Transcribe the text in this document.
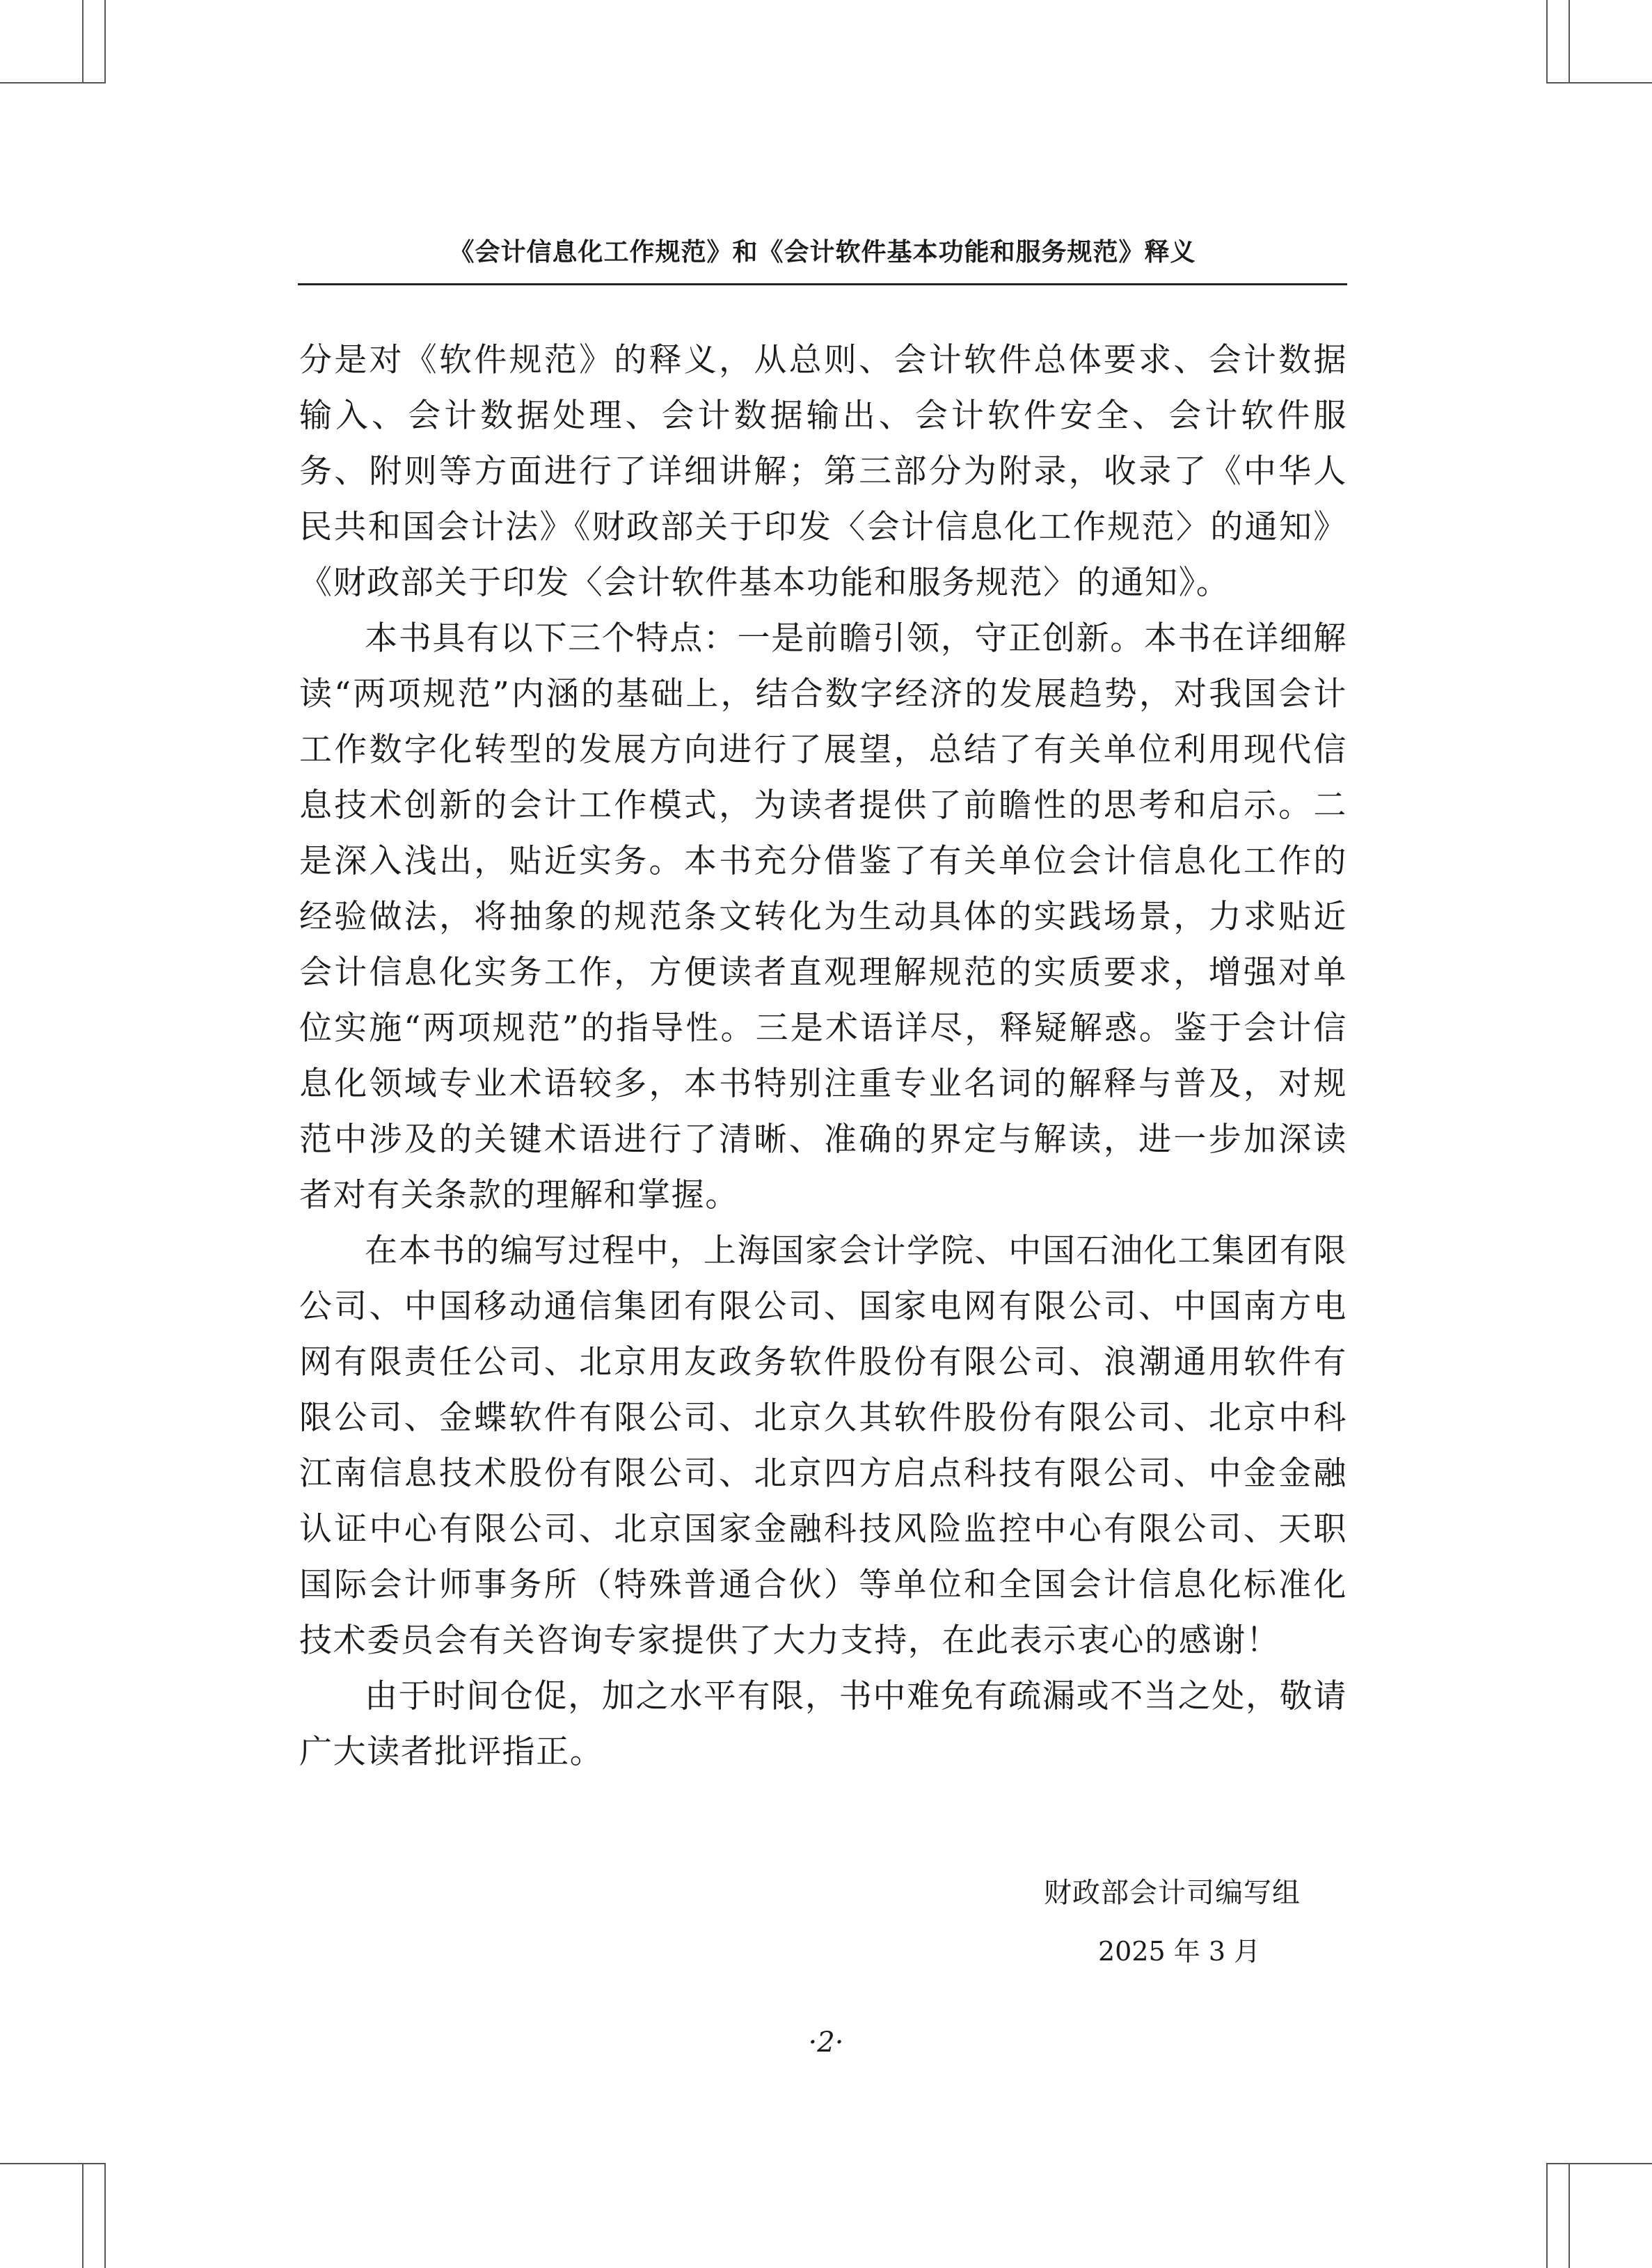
《会计信息化工作规范》和《会计软件基本功能和服务规范》释义

分是对《软件规范》的释义，从总则、会计软件总体要求、会计数据输入、会计数据处理、会计数据输出、会计软件安全、会计软件服务、附则等方面进行了详细讲解；第三部分为附录，收录了《中华人民共和国会计法》《财政部关于印发〈会计信息化工作规范〉的通知》《财政部关于印发〈会计软件基本功能和服务规范〉的通知》。

本书具有以下三个特点：一是前瞻引领，守正创新。本书在详细解读“两项规范”内涵的基础上，结合数字经济的发展趋势，对我国会计工作数字化转型的发展方向进行了展望，总结了有关单位利用现代信息技术创新的会计工作模式，为读者提供了前瞻性的思考和启示。二是深入浅出，贴近实务。本书充分借鉴了有关单位会计信息化工作的经验做法，将抽象的规范条文转化为生动具体的实践场景，力求贴近会计信息化实务工作，方便读者直观理解规范的实质要求，增强对单位实施“两项规范”的指导性。三是术语详尽，释疑解惑。鉴于会计信息化领域专业术语较多，本书特别注重专业名词的解释与普及，对规范中涉及的关键术语进行了清晰、准确的界定与解读，进一步加深读者对有关条款的理解和掌握。

在本书的编写过程中，上海国家会计学院、中国石油化工集团有限公司、中国移动通信集团有限公司、国家电网有限公司、中国南方电网有限责任公司、北京用友政务软件股份有限公司、浪潮通用软件有限公司、金蝶软件有限公司、北京久其软件股份有限公司、北京中科江南信息技术股份有限公司、北京四方启点科技有限公司、中金金融认证中心有限公司、北京国家金融科技风险监控中心有限公司、天职国际会计师事务所（特殊普通合伙）等单位和全国会计信息化标准化技术委员会有关咨询专家提供了大力支持，在此表示衷心的感谢！

由于时间仓促，加之水平有限，书中难免有疏漏或不当之处，敬请广大读者批评指正。

财政部会计司编写组
2025 年 3 月
·2·
